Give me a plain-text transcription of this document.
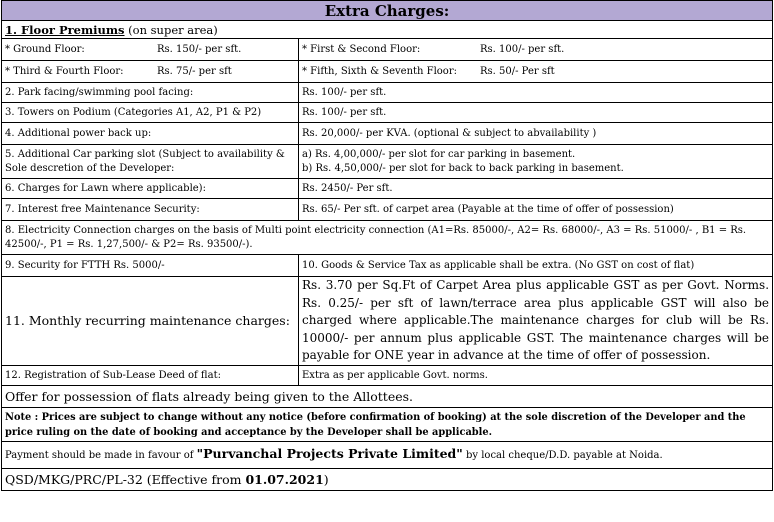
Extra Charges:	
1. Floor Premiums (on super area)	

* Ground Floor: Rs. 150/- per sft.	* First & Second Floor: Rs. 100/- per sft.

* Third & Fourth Floor: Rs. 75/- per sft	* Fifth, Sixth & Seventh Floor: Rs. 50/- Per sft

2. Park facing/swimming pool facing:	Rs. 100/- per sft.
3. Towers on Podium (Categories A1, A2, P1 & P2)	Rs. 100/- per sft.
4. Additional power back up:	Rs. 20,000/- per KVA. (optional & subject to abvailability )
5. Additional Car parking slot (Subject to availability & Sole descretion of the Developer:	a) Rs. 4,00,000/- per slot for car parking in basement.
b) Rs. 4,50,000/- per slot for back to back parking in basement.

6. Charges for Lawn where applicable):	Rs. 2450/- Per sft.
7. Interest free Maintenance Security:	Rs. 65/- Per sft. of carpet area (Payable at the time of offer of possession)
8. Electricity Connection charges on the basis of Multi point electricity connection (A1=Rs. 85000/-, A2= Rs. 68000/-, A3 = Rs. 51000/- , B1 = Rs. 42500/-, P1 = Rs. 1,27,500/- & P2= Rs. 93500/-).	
9. Security for FTTH Rs. 5000/-	10. Goods & Service Tax as applicable shall be extra. (No GST on cost of flat)
11. Monthly recurring maintenance charges:	Rs. 3.70 per Sq.Ft of Carpet Area plus applicable GST as per Govt. Norms. Rs. 0.25/- per sft of lawn/terrace area plus applicable GST will also be charged where applicable.The maintenance charges for club will be Rs. 10000/- per annum plus applicable GST. The maintenance charges will be payable for ONE year in advance at the time of offer of possession.
12. Registration of Sub-Lease Deed of flat:	Extra as per applicable Govt. norms.
Offer for possession of flats already being given to the Allottees.	
Note : Prices are subject to change without any notice (before confirmation of booking) at the sole discretion of the Developer and the price ruling on the date of booking and acceptance by the Developer shall be applicable.	
Payment should be made in favour of "Purvanchal Projects Private Limited" by local cheque/D.D. payable at Noida.	
QSD/MKG/PRC/PL-32 (Effective from 01.07.2021)	
